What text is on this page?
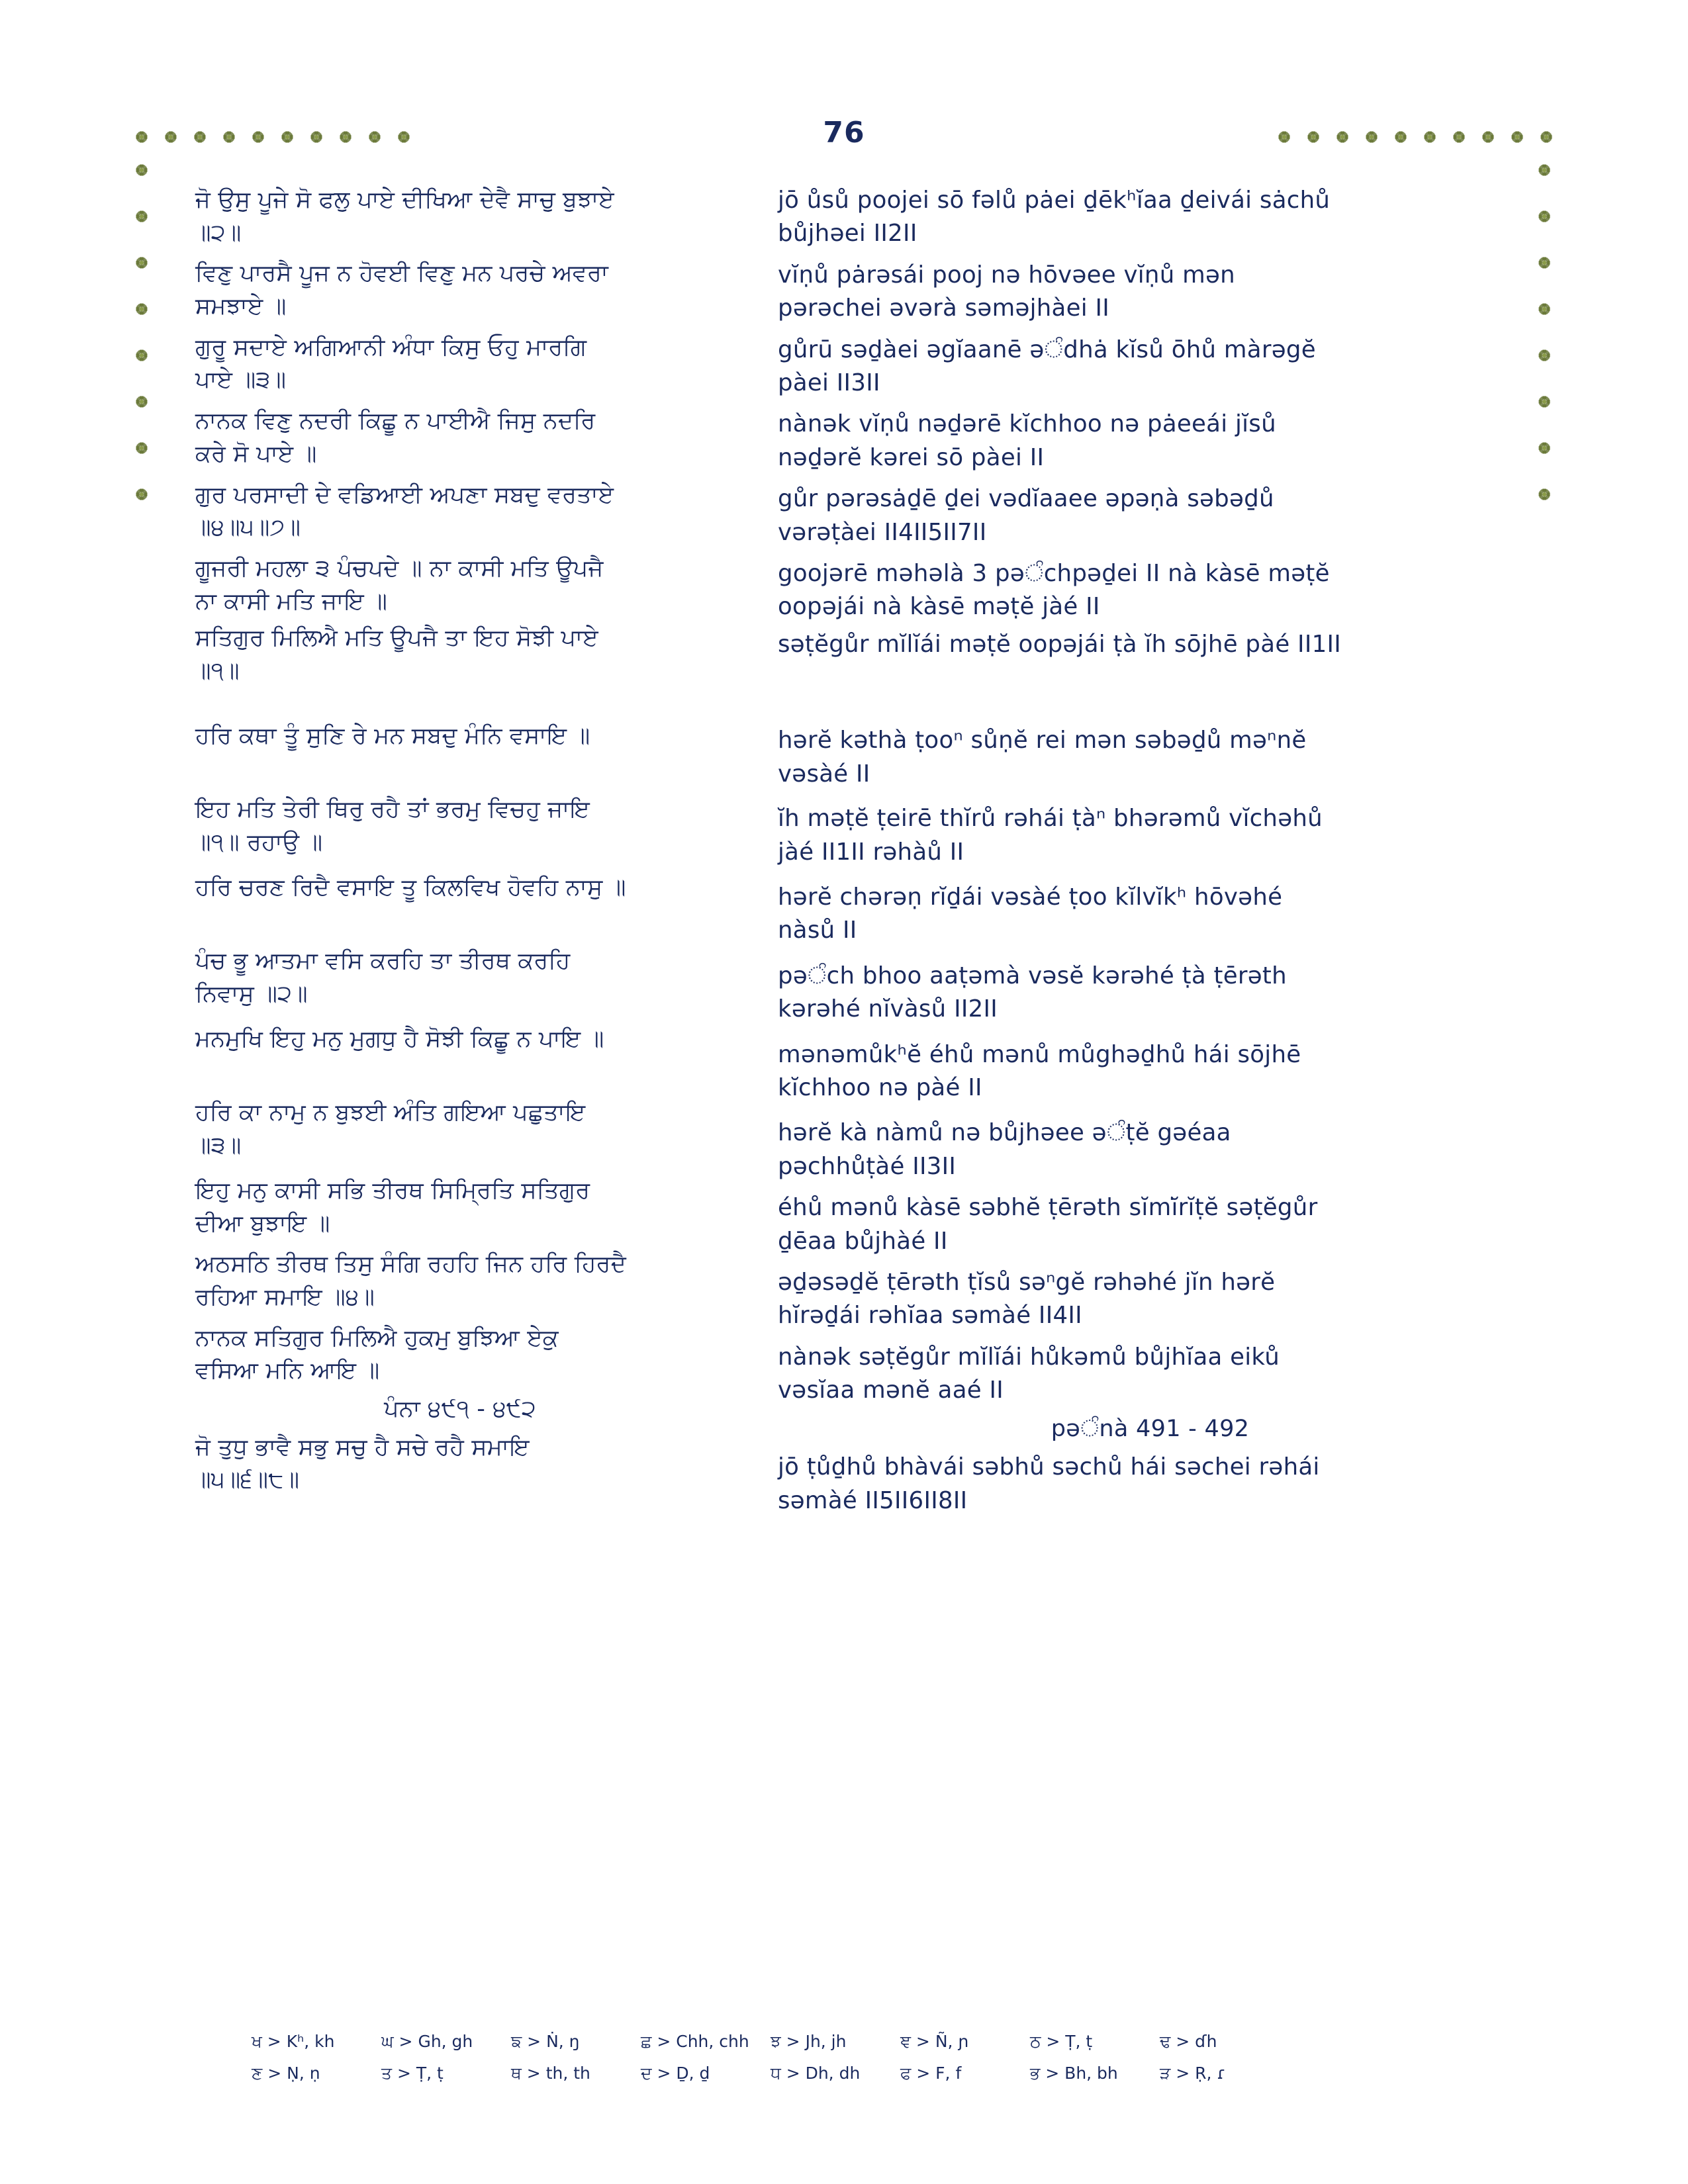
76
ਜੋ ਉਸੁ ਪੂਜੇ ਸੋ ਫਲੁ ਪਾਏ ਦੀਖਿਆ ਦੇਵੈ ਸਾਚੁ ਬੁਝਾਏ
॥੨॥
ਵਿਣੁ ਪਾਰਸੈ ਪੂਜ ਨ ਹੋਵਈ ਵਿਣੁ ਮਨ ਪਰਚੇ ਅਵਰਾ
ਸਮਝਾਏ ॥
ਗੁਰੂ ਸਦਾਏ ਅਗਿਆਨੀ ਅੰਧਾ ਕਿਸੁ ਓਹੁ ਮਾਰਗਿ
ਪਾਏ ॥੩॥
ਨਾਨਕ ਵਿਣੁ ਨਦਰੀ ਕਿਛੂ ਨ ਪਾਈਐ ਜਿਸੁ ਨਦਰਿ
ਕਰੇ ਸੋ ਪਾਏ ॥
ਗੁਰ ਪਰਸਾਦੀ ਦੇ ਵਡਿਆਈ ਅਪਣਾ ਸਬਦੁ ਵਰਤਾਏ
॥੪॥੫॥੭॥
ਗੂਜਰੀ ਮਹਲਾ ੩ ਪੰਚਪਦੇ ॥ ਨਾ ਕਾਸੀ ਮਤਿ ਊਪਜੈ
ਨਾ ਕਾਸੀ ਮਤਿ ਜਾਇ ॥
ਸਤਿਗੁਰ ਮਿਲਿਐ ਮਤਿ ਊਪਜੈ ਤਾ ਇਹ ਸੋਝੀ ਪਾਏ
॥੧॥
ਹਰਿ ਕਥਾ ਤੂੰ ਸੁਣਿ ਰੇ ਮਨ ਸਬਦੁ ਮੰਨਿ ਵਸਾਇ ॥
ਇਹ ਮਤਿ ਤੇਰੀ ਥਿਰੁ ਰਹੈ ਤਾਂ ਭਰਮੁ ਵਿਚਹੁ ਜਾਇ
॥੧॥ ਰਹਾਉ ॥
ਹਰਿ ਚਰਣ ਰਿਦੈ ਵਸਾਇ ਤੂ ਕਿਲਵਿਖ ਹੋਵਹਿ ਨਾਸੁ ॥
ਪੰਚ ਭੂ ਆਤਮਾ ਵਸਿ ਕਰਹਿ ਤਾ ਤੀਰਥ ਕਰਹਿ
ਨਿਵਾਸੁ ॥੨॥
ਮਨਮੁਖਿ ਇਹੁ ਮਨੁ ਮੁਗਧੁ ਹੈ ਸੋਝੀ ਕਿਛੂ ਨ ਪਾਇ ॥
ਹਰਿ ਕਾ ਨਾਮੁ ਨ ਬੁਝਈ ਅੰਤਿ ਗਇਆ ਪਛੁਤਾਇ
॥੩॥
ਇਹੁ ਮਨੁ ਕਾਸੀ ਸਭਿ ਤੀਰਥ ਸਿਮ੍ਰਿਤਿ ਸਤਿਗੁਰ
ਦੀਆ ਬੁਝਾਇ ॥
ਅਠਸਠਿ ਤੀਰਥ ਤਿਸੁ ਸੰਗਿ ਰਹਹਿ ਜਿਨ ਹਰਿ ਹਿਰਦੈ
ਰਹਿਆ ਸਮਾਇ ॥੪॥
ਨਾਨਕ ਸਤਿਗੁਰ ਮਿਲਿਐ ਹੁਕਮੁ ਬੁਝਿਆ ਏਕੁ
ਵਸਿਆ ਮਨਿ ਆਇ ॥
ਪੰਨਾ ੪੯੧ - ੪੯੨
ਜੋ ਤੁਧੁ ਭਾਵੈ ਸਭੁ ਸਚੁ ਹੈ ਸਚੇ ਰਹੈ ਸਮਾਇ
॥੫॥੬॥੮॥
jō ůsů poojei sō fəlů pȧei ḏēkʰĭaa ḏeivái sȧchů
bůjhəei II2II
vĭṇů pȧrəsái pooj nə hōvəee vĭṇů mən
pərəchei əvərà səməjhàei II
gůrū səḏàei əgĭaanē əੰdhȧ kĭsů ōhů màrəgĕ
pàei II3II
nànək vĭṇů nəḏərē kĭchhoo nə pȧeeái jĭsů
nəḏərĕ kərei sō pàei II
gůr pərəsȧḏē ḏei vədĭaaee əpəṇà səbəḏů
vərəṭàei II4II5II7II
goojərē məhəlà 3 pəੰchpəḏei II nà kàsē məṭĕ
oopəjái nà kàsē məṭĕ jàé II
səṭĕgůr mĭlĭái məṭĕ oopəjái ṭà ĭh sōjhē pàé II1II
hərĕ kəthà ṭooⁿ sůṇĕ rei mən səbəḏů məⁿnĕ
vəsàé II
ĭh məṭĕ ṭeirē thĭrů rəhái ṭàⁿ bhərəmů vĭchəhů
jàé II1II rəhàů II
hərĕ chərəṇ rĭḏái vəsàé ṭoo kĭlvĭkʰ hōvəhé
nàsů II
pəੰch bhoo aaṭəmà vəsĕ kərəhé ṭà ṭērəth
kərəhé nĭvàsů II2II
mənəmůkʰĕ éhů mənů můghəḏhů hái sōjhē
kĭchhoo nə pàé II
hərĕ kà nàmů nə bůjhəee əੰṭĕ gəéaa
pəchhůṭàé II3II
éhů mənů kàsē səbhĕ ṭērəth sĭmĭ̇rĭṭĕ səṭĕgůr
ḏēaa bůjhàé II
əḏəsəḏĕ ṭērəth ṭĭsů səⁿgĕ rəhəhé jĭn hərĕ
hĭrəḏái rəhĭaa səmàé II4II
nànək səṭĕgůr mĭlĭái hůkəmů bůjhĭaa eiků
vəsĭaa mənĕ aaé II
pəੰnà 491 - 492
jō ṭůḏhů bhàvái səbhů səchů hái səchei rəhái
səmàé II5II6II8II
ਖ > Kʰ, kh	ਘ > Gh, gh	ਙ > Ṅ, ŋ	ਛ > Chh, chh	ਝ > Jh, jh	ਞ > Ñ, ɲ	ਠ > Ṭ, ṭ	ਢ > ɗh
ਣ > Ṇ, ṇ	ਤ > Ṭ, ṭ	ਥ > th, th	ਦ > Ḏ, ḏ	ਧ > Dh, dh	ਫ > F, f	ਭ > Bh, bh	ੜ > Ṛ, ɾ
